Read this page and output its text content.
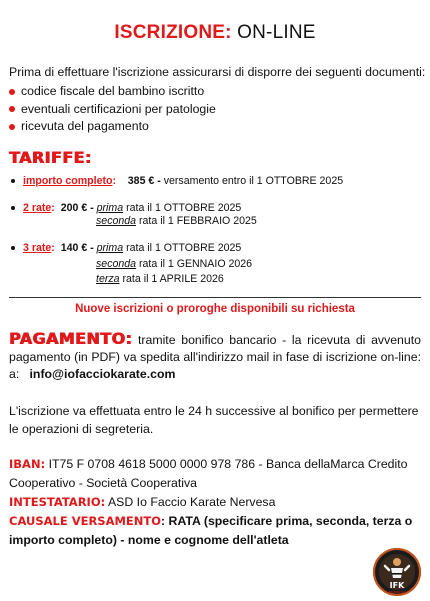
ISCRIZIONE: ON-LINE
Prima di effettuare l'iscrizione assicurarsi di disporre dei seguenti documenti:
codice fiscale del bambino iscritto
eventuali certificazioni per patologie
ricevuta del pagamento
TARIFFE:
importo completo: 385 € - versamento entro il 1 OTTOBRE 2025
2 rate: 200 € - prima rata il 1 OTTOBRE 2025
seconda rata il 1 FEBBRAIO 2025
3 rate: 140 € - prima rata il 1 OTTOBRE 2025
seconda rata il 1 GENNAIO 2026
terza rata il 1 APRILE 2026
Nuove iscrizioni o proroghe disponibili su richiesta
PAGAMENTO: tramite bonifico bancario - la ricevuta di avvenuto pagamento (in PDF) va spedita all'indirizzo mail in fase di iscrizione on-line: a: info@iofacciokarate.com
L'iscrizione va effettuata entro le 24 h successive al bonifico per permettere le operazioni di segreteria.
IBAN: IT75 F 0708 4618 5000 0000 978 786 - Banca dellaMarca Credito Cooperativo - Società Cooperativa
INTESTATARIO: ASD Io Faccio Karate Nervesa
CAUSALE VERSAMENTO: RATA (specificare prima, seconda, terza o importo completo) - nome e cognome dell'atleta
IFK
NERVESA
